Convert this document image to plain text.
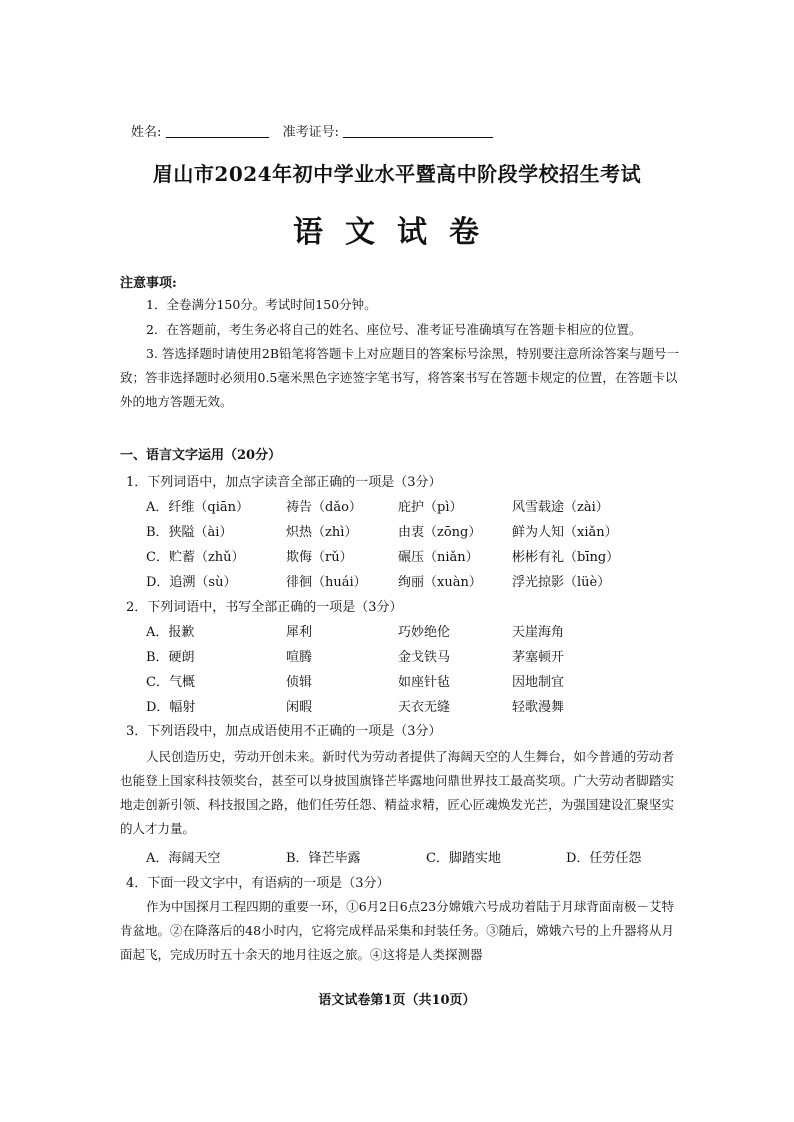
姓名:	准考证号:
眉山市2024年初中学业水平暨高中阶段学校招生考试
语文试卷
注意事项:
1．全卷满分150分。考试时间150分钟。
2．在答题前，考生务必将自己的姓名、座位号、准考证号准确填写在答题卡相应的位置。
3. 答选择题时请使用2B铅笔将答题卡上对应题目的答案标号涂黑，特别要注意所涂答案与题号一致；答非选择题时必须用0.5毫米黑色字迹签字笔书写，将答案书写在答题卡规定的位置，在答题卡以外的地方答题无效。
一、语言文字运用（20分）
1．下列词语中，加点字读音全部正确的一项是（3分）
A．纤维（qiān）	祷告（dǎo）	庇护（pì）	风雪载途（zài）
B．狭隘（ài）	炽热（zhì）	由衷（zōng） 鲜为人知（xiǎn）
C．贮蓄（zhǔ）	欺侮（rǔ）	碾压（niǎn）	彬彬有礼（bīng）
D．追溯（sù）	徘徊（huái） 绚丽（xuàn） 浮光掠影（lüè）
2．下列词语中，书写全部正确的一项是（3分）
A．报歉	犀利	巧妙绝伦	天崖海角
B．硬朗	喧腾	金戈铁马	茅塞顿开
C．气概	侦辑	如座针毡	因地制宜
D．幅射	闲暇	天衣无缝	轻歌漫舞
3．下列语段中，加点成语使用不正确的一项是（3分）
人民创造历史，劳动开创未来。新时代为劳动者提供了海阔天空的人生舞台，如今普通的劳动者也能登上国家科技领奖台，甚至可以身披国旗锋芒毕露地问鼎世界技工最高奖项。广大劳动者脚踏实地走创新引领、科技报国之路，他们任劳任怨、精益求精，匠心匠魂焕发光芒，为强国建设汇聚坚实的人才力量。
A．海阔天空	B．锋芒毕露	C．脚踏实地	D．任劳任怨
4．下面一段文字中，有语病的一项是（3分）
作为中国探月工程四期的重要一环，①6月2日6点23分嫦娥六号成功着陆于月球背面南极－艾特肯盆地。②在降落后的48小时内，它将完成样品采集和封装任务。③随后，嫦娥六号的上升器将从月面起飞，完成历时五十余天的地月往返之旅。④这将是人类探测器
语文试卷第1页（共10页）
